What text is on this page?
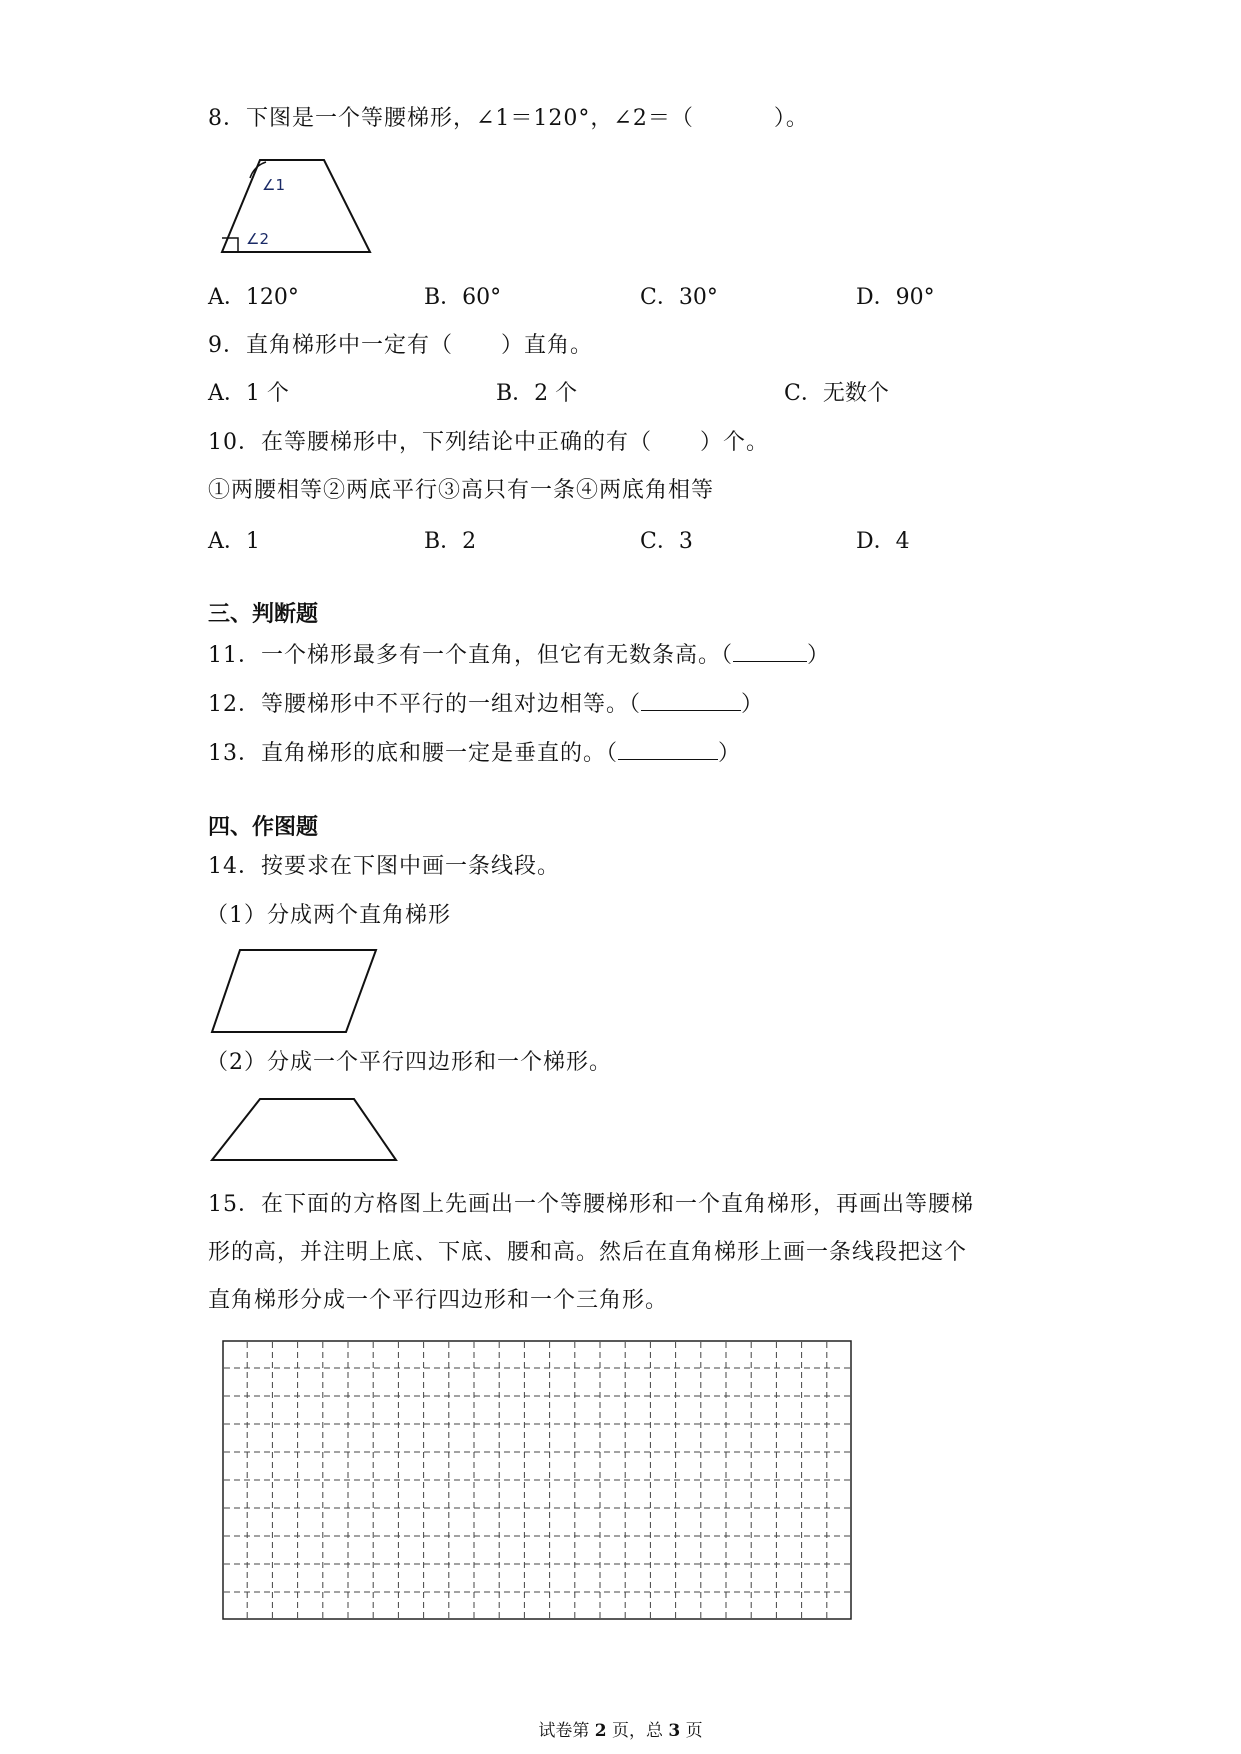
8．下图是一个等腰梯形，∠1＝120°，∠2＝（	）。
∠1
∠2
A．120°	B．60°	C．30°	D．90°
9．直角梯形中一定有（ ）直角。
A．1 个	B．2 个	C．无数个
10．在等腰梯形中，下列结论中正确的有（ ）个。
①两腰相等②两底平行③高只有一条④两底角相等
A．1	B．2	C．3	D．4
三、判断题
11．一个梯形最多有一个直角，但它有无数条高。（	）
12．等腰梯形中不平行的一组对边相等。（	）
13．直角梯形的底和腰一定是垂直的。（	）
四、作图题
14．按要求在下图中画一条线段。
（1）分成两个直角梯形
（2）分成一个平行四边形和一个梯形。
15．在下面的方格图上先画出一个等腰梯形和一个直角梯形，再画出等腰梯
形的高，并注明上底、下底、腰和高。然后在直角梯形上画一条线段把这个
直角梯形分成一个平行四边形和一个三角形。
试卷第 2 页，总 3 页
